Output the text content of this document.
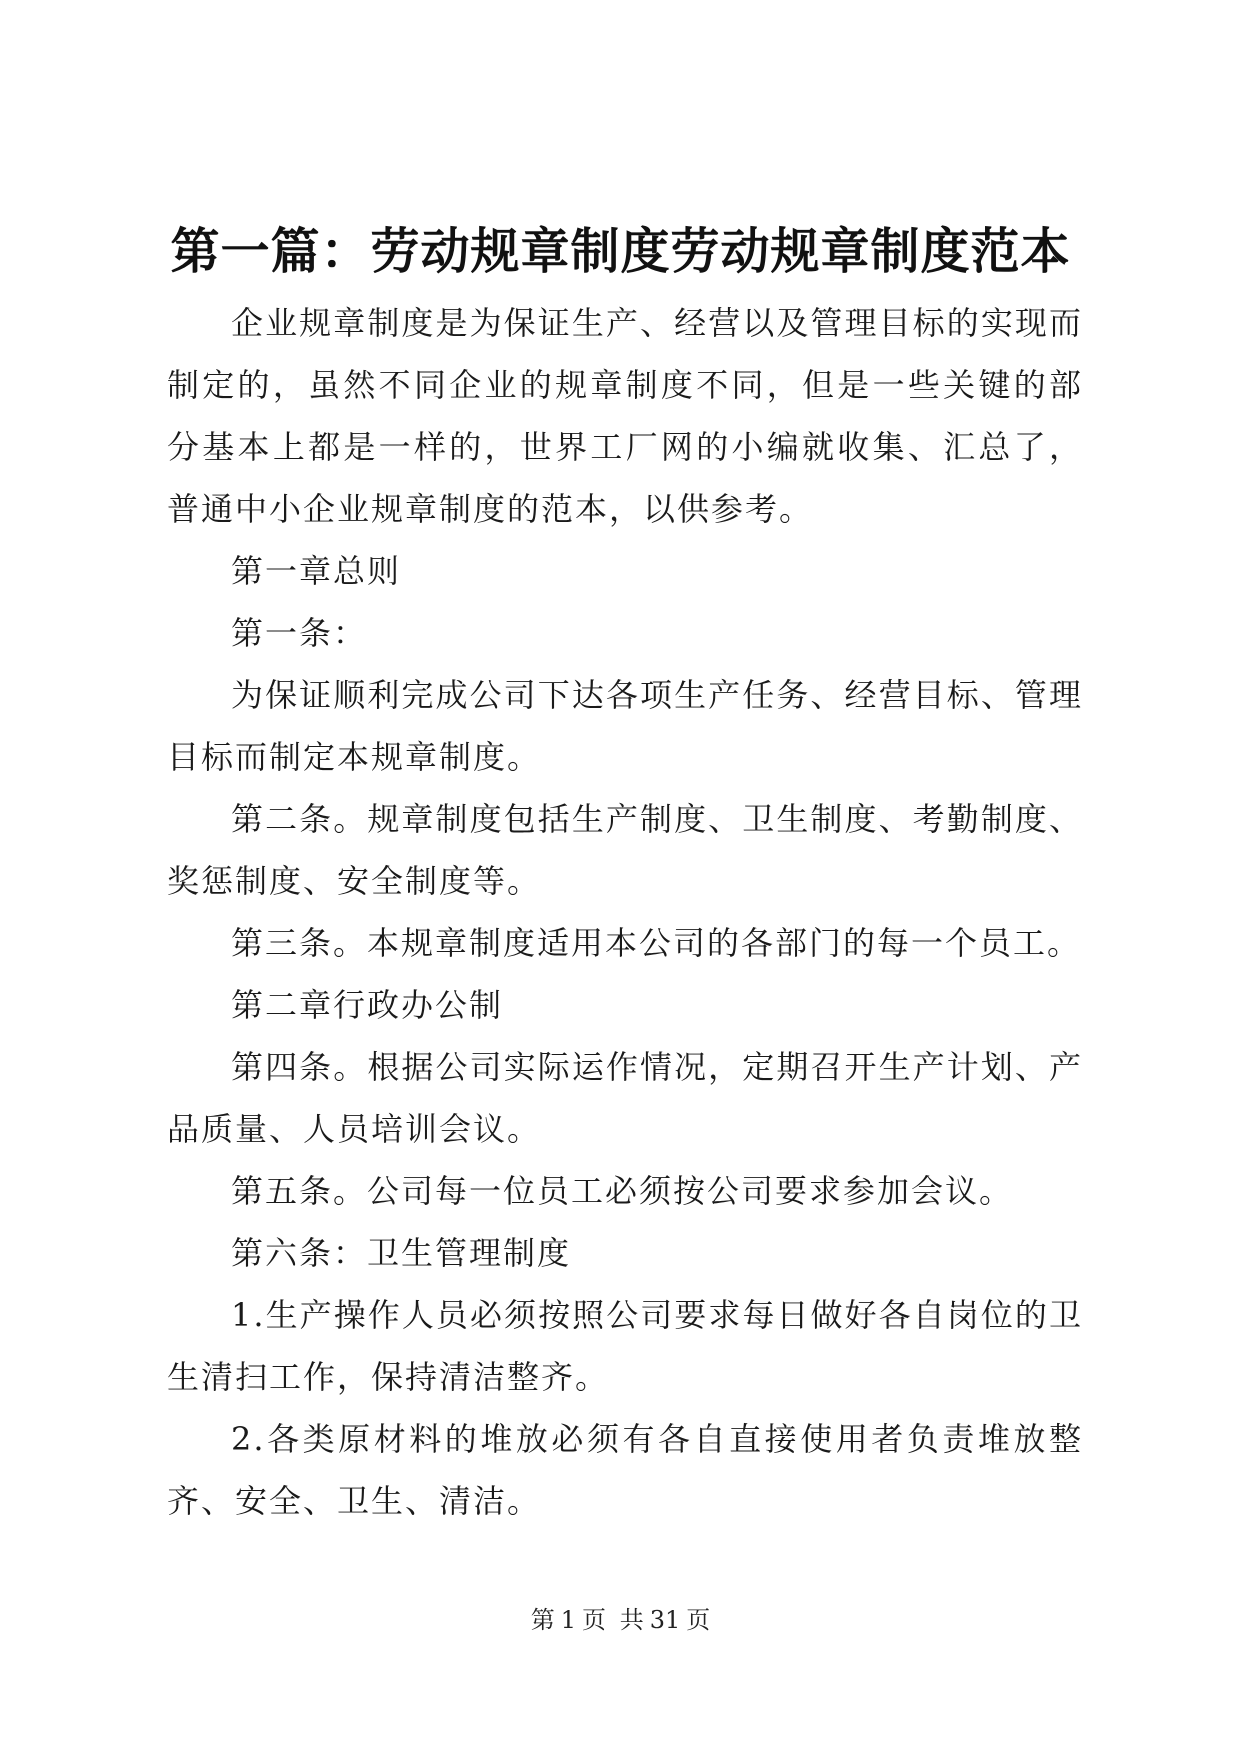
第一篇：劳动规章制度劳动规章制度范本

企业规章制度是为保证生产、经营以及管理目标的实现而制定的，虽然不同企业的规章制度不同，但是一些关键的部分基本上都是一样的，世界工厂网的小编就收集、汇总了，普通中小企业规章制度的范本，以供参考。

第一章总则

第一条：

为保证顺利完成公司下达各项生产任务、经营目标、管理目标而制定本规章制度。

第二条。规章制度包括生产制度、卫生制度、考勤制度、奖惩制度、安全制度等。

第三条。本规章制度适用本公司的各部门的每一个员工。

第二章行政办公制

第四条。根据公司实际运作情况，定期召开生产计划、产品质量、人员培训会议。

第五条。公司每一位员工必须按公司要求参加会议。

第六条：卫生管理制度

1.生产操作人员必须按照公司要求每日做好各自岗位的卫生清扫工作，保持清洁整齐。

2.各类原材料的堆放必须有各自直接使用者负责堆放整齐、安全、卫生、清洁。

第 1 页 共 31 页
